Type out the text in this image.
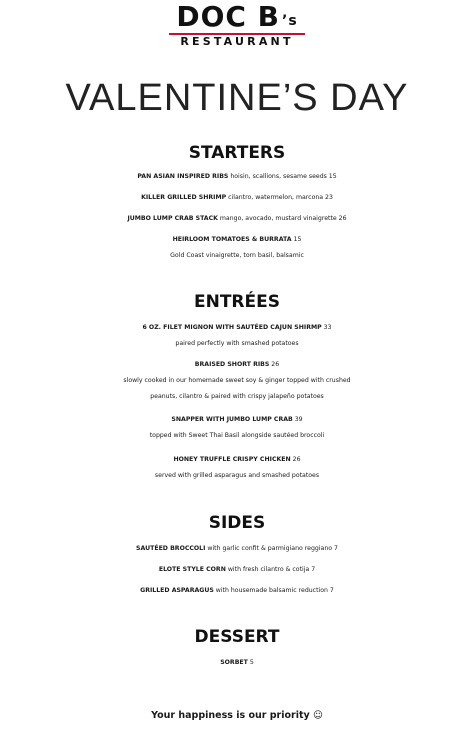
DOC B $^{’s}$
RESTAURANT
VALENTINE’S DAY
STARTERS
PAN ASIAN INSPIRED RIBS hoisin, scallions, sesame seeds 15
KILLER GRILLED SHRIMP cilantro, watermelon, marcona 23
JUMBO LUMP CRAB STACK mango, avocado, mustard vinaigrette 26
HEIRLOOM TOMATOES & BURRATA 15
Gold Coast vinaigrette, torn basil, balsamic
ENTRÉES
6 OZ. FILET MIGNON WITH SAUTÉED CAJUN SHIRMP 33
paired perfectly with smashed potatoes
BRAISED SHORT RIBS 26
slowly cooked in our homemade sweet soy & ginger topped with crushed
peanuts, cilantro & paired with crispy jalapeño potatoes
SNAPPER WITH JUMBO LUMP CRAB 39
topped with Sweet Thai Basil alongside sautéed broccoli
HONEY TRUFFLE CRISPY CHICKEN 26
served with grilled asparagus and smashed potatoes
SIDES
SAUTÉED BROCCOLI with garlic confit & parmigiano reggiano 7
ELOTE STYLE CORN with fresh cilantro & cotija 7
GRILLED ASPARAGUS with housemade balsamic reduction 7
DESSERT
SORBET 5
Your happiness is our priority ☺
